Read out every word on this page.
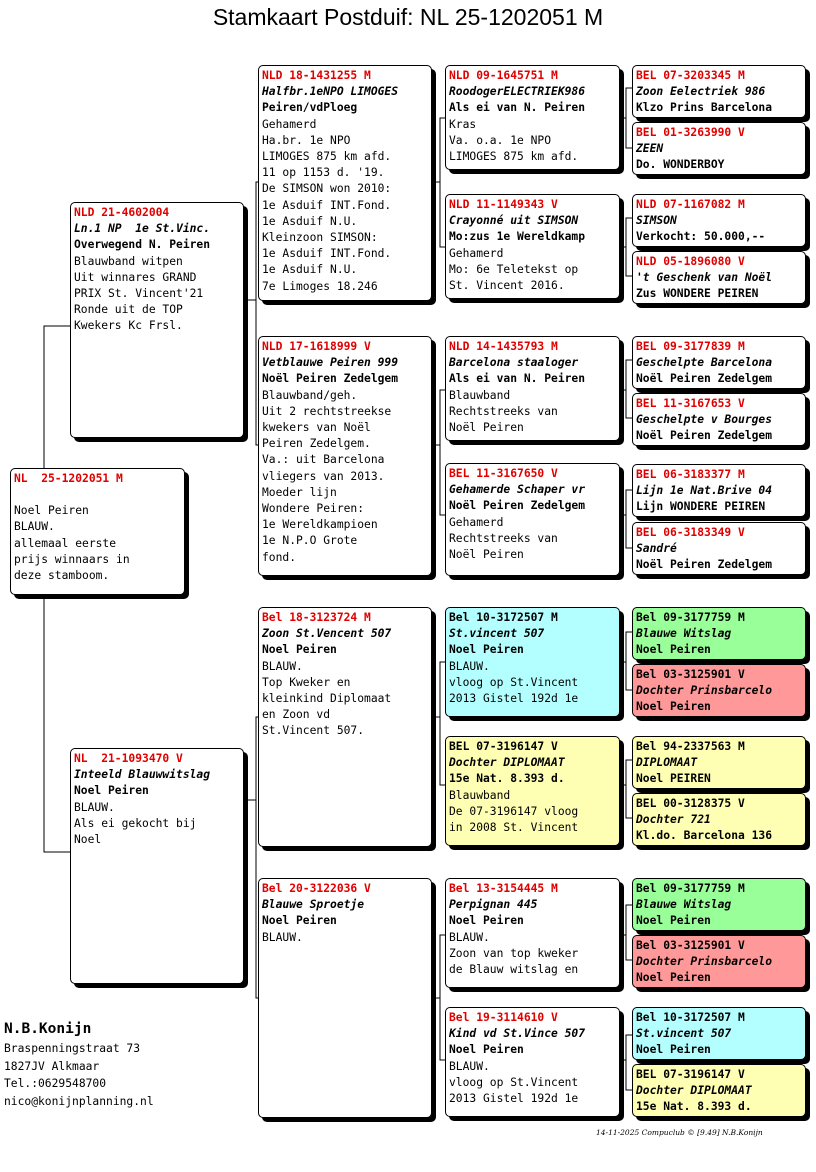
Stamkaart Postduif: NL 25-1202051 M
NL  25-1202051 M
Noel Peiren
BLAUW.
allemaal eerste
prijs winnaars in
deze stamboom.
NLD 21-4602004
Ln.1 NP  1e St.Vinc.
Overwegend N. Peiren
Blauwband witpen
Uit winnares GRAND
PRIX St. Vincent'21
Ronde uit de TOP
Kwekers Kc Frsl.
NL  21-1093470 V
Inteeld Blauwwitslag
Noel Peiren
BLAUW.
Als ei gekocht bij
Noel
NLD 18-1431255 M
Halfbr.1eNPO LIMOGES
Peiren/vdPloeg
Gehamerd
Ha.br. 1e NPO
LIMOGES 875 km afd.
11 op 1153 d. '19.
De SIMSON won 2010:
1e Asduif INT.Fond.
1e Asduif N.U.
Kleinzoon SIMSON:
1e Asduif INT.Fond.
1e Asduif N.U.
7e Limoges 18.246
NLD 17-1618999 V
Vetblauwe Peiren 999
Noël Peiren Zedelgem
Blauwband/geh.
Uit 2 rechtstreekse
kwekers van Noël
Peiren Zedelgem.
Va.: uit Barcelona
vliegers van 2013.
Moeder lijn
Wondere Peiren:
1e Wereldkampioen
1e N.P.O Grote
fond.
Bel 18-3123724 M
Zoon St.Vencent 507
Noel Peiren
BLAUW.
Top Kweker en
kleinkind Diplomaat
en Zoon vd
St.Vincent 507.
Bel 20-3122036 V
Blauwe Sproetje
Noel Peiren
BLAUW.
NLD 09-1645751 M
RoodogerELECTRIEK986
Als ei van N. Peiren
Kras
Va. o.a. 1e NPO
LIMOGES 875 km afd.
NLD 11-1149343 V
Crayonné uit SIMSON
Mo:zus 1e Wereldkamp
Gehamerd
Mo: 6e Teletekst op
St. Vincent 2016.
NLD 14-1435793 M
Barcelona staaloger
Als ei van N. Peiren
Blauwband
Rechtstreeks van
Noël Peiren
BEL 11-3167650 V
Gehamerde Schaper vr
Noël Peiren Zedelgem
Gehamerd
Rechtstreeks van
Noël Peiren
Bel 10-3172507 M
St.vincent 507
Noel Peiren
BLAUW.
vloog op St.Vincent
2013 Gistel 192d 1e
BEL 07-3196147 V
Dochter DIPLOMAAT
15e Nat. 8.393 d.
Blauwband
De 07-3196147 vloog
in 2008 St. Vincent
Bel 13-3154445 M
Perpignan 445
Noel Peiren
BLAUW.
Zoon van top kweker
de Blauw witslag en
Bel 19-3114610 V
Kind vd St.Vince 507
Noel Peiren
BLAUW.
vloog op St.Vincent
2013 Gistel 192d 1e
BEL 07-3203345 M
Zoon Eelectriek 986
Klzo Prins Barcelona
BEL 01-3263990 V
ZEEN
Do. WONDERBOY
NLD 07-1167082 M
SIMSON
Verkocht: 50.000,--
NLD 05-1896080 V
't Geschenk van Noël
Zus WONDERE PEIREN
BEL 09-3177839 M
Geschelpte Barcelona
Noël Peiren Zedelgem
BEL 11-3167653 V
Geschelpte v Bourges
Noël Peiren Zedelgem
BEL 06-3183377 M
Lijn 1e Nat.Brive 04
Lijn WONDERE PEIREN
BEL 06-3183349 V
Sandré
Noël Peiren Zedelgem
Bel 09-3177759 M
Blauwe Witslag
Noel Peiren
Bel 03-3125901 V
Dochter Prinsbarcelo
Noel Peiren
Bel 94-2337563 M
DIPLOMAAT
Noel PEIREN
BEL 00-3128375 V
Dochter 721
Kl.do. Barcelona 136
Bel 09-3177759 M
Blauwe Witslag
Noel Peiren
Bel 03-3125901 V
Dochter Prinsbarcelo
Noel Peiren
Bel 10-3172507 M
St.vincent 507
Noel Peiren
BEL 07-3196147 V
Dochter DIPLOMAAT
15e Nat. 8.393 d.
N.B.Konijn
Braspenningstraat 73
1827JV Alkmaar
Tel.:0629548700
nico@konijnplanning.nl
14-11-2025 Compuclub © [9.49] N.B.Konijn
